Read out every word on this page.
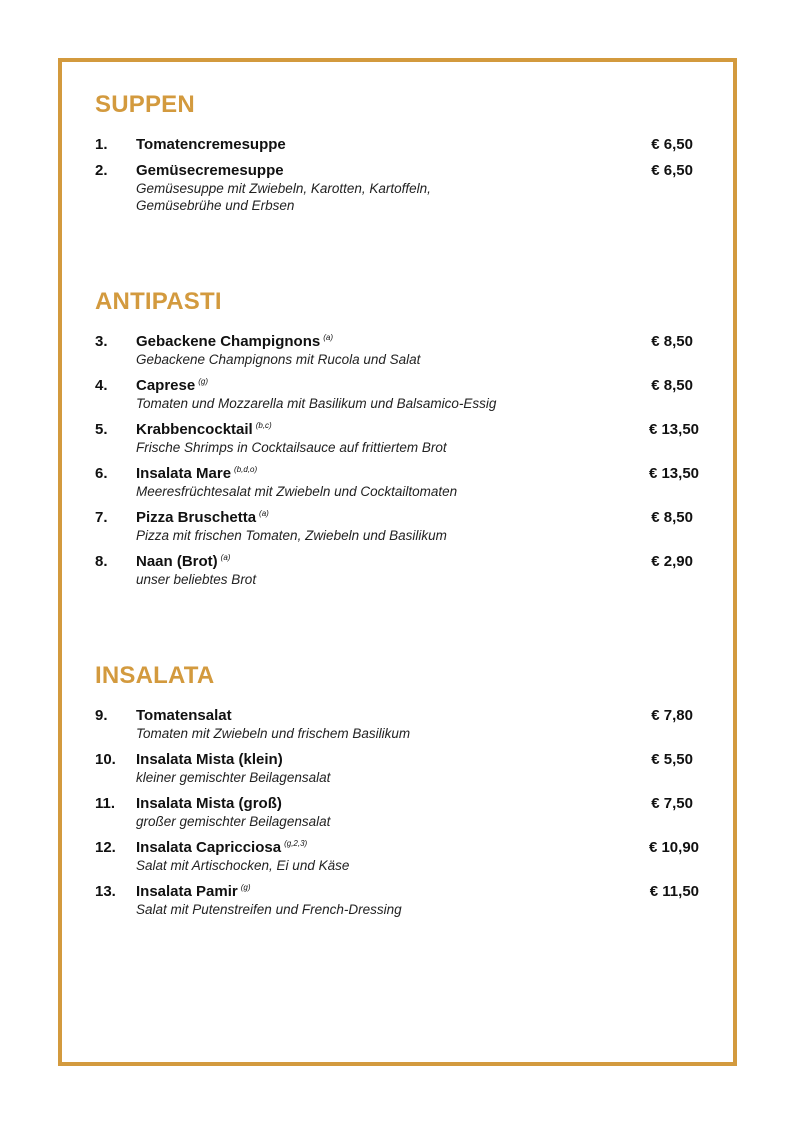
SUPPEN
1. Tomatencremesuppe	€ 6,50
2. Gemüsecremesuppe
Gemüsesuppe mit Zwiebeln, Karotten, Kartoffeln, Gemüsebrühe und Erbsen
€ 6,50
ANTIPASTI
3. Gebackene Champignons $^{(a)}$
Gebackene Champignons mit Rucola und Salat
€ 8,50
4. Caprese $^{(g)}$
Tomaten und Mozzarella mit Basilikum und Balsamico-Essig
€ 8,50
5. Krabbencocktail $^{(b,c)}$
Frische Shrimps in Cocktailsauce auf frittiertem Brot
€ 13,50
6. Insalata Mare $^{(b,d,o)}$
Meeresfrüchtesalat mit Zwiebeln und Cocktailtomaten
€ 13,50
7. Pizza Bruschetta $^{(a)}$
Pizza mit frischen Tomaten, Zwiebeln und Basilikum
€ 8,50
8. Naan (Brot) $^{(a)}$
unser beliebtes Brot
€ 2,90
INSALATA
9. Tomatensalat
Tomaten mit Zwiebeln und frischem Basilikum
€ 7,80
10. Insalata Mista (klein)
kleiner gemischter Beilagensalat
€ 5,50
11. Insalata Mista (groß)
großer gemischter Beilagensalat
€ 7,50
12. Insalata Capricciosa $^{(g,2,3)}$
Salat mit Artischocken, Ei und Käse
€ 10,90
13. Insalata Pamir $^{(g)}$
Salat mit Putenstreifen und French-Dressing
€ 11,50
